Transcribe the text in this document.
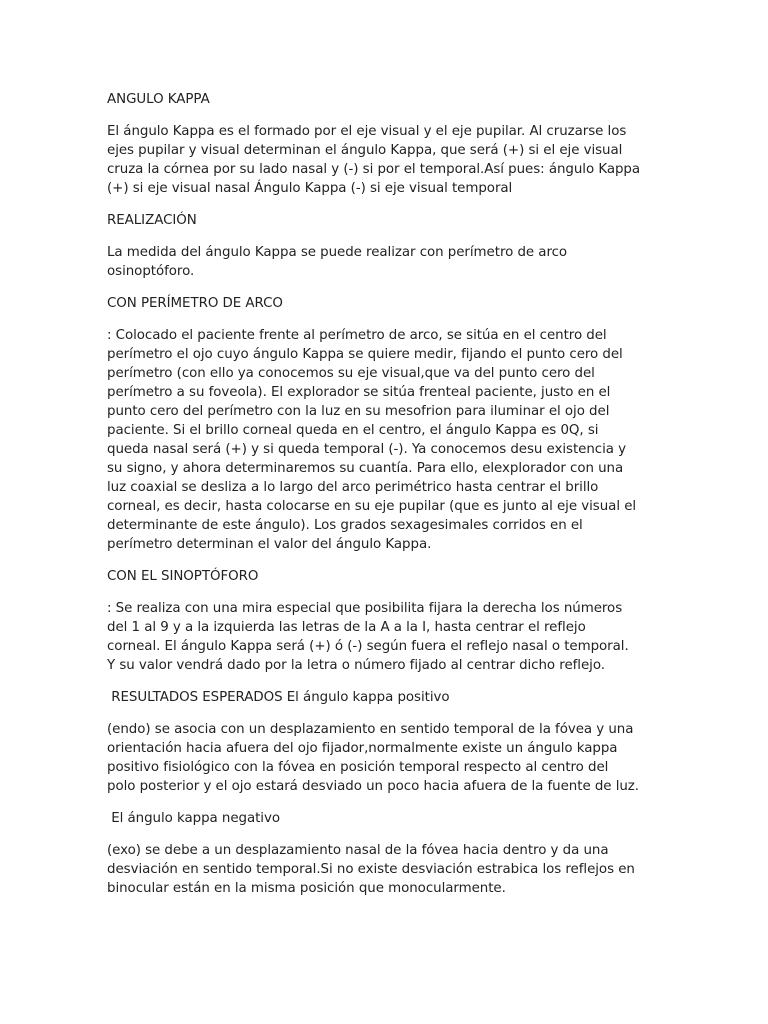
ANGULO KAPPA

El ángulo Kappa es el formado por el eje visual y el eje pupilar. Al cruzarse los
ejes pupilar y visual determinan el ángulo Kappa, que será (+) si el eje visual
cruza la córnea por su lado nasal y (-) si por el temporal.Así pues: ángulo Kappa
(+) si eje visual nasal Ángulo Kappa (-) si eje visual temporal

REALIZACIÓN

La medida del ángulo Kappa se puede realizar con perímetro de arco
osinoptóforo.

CON PERÍMETRO DE ARCO

: Colocado el paciente frente al perímetro de arco, se sitúa en el centro del
perímetro el ojo cuyo ángulo Kappa se quiere medir, fijando el punto cero del
perímetro (con ello ya conocemos su eje visual,que va del punto cero del
perímetro a su foveola). El explorador se sitúa frenteal paciente, justo en el
punto cero del perímetro con la luz en su mesofrion para iluminar el ojo del
paciente. Si el brillo corneal queda en el centro, el ángulo Kappa es 0Q, si
queda nasal será (+) y si queda temporal (-). Ya conocemos desu existencia y
su signo, y ahora determinaremos su cuantía. Para ello, elexplorador con una
luz coaxial se desliza a lo largo del arco perimétrico hasta centrar el brillo
corneal, es decir, hasta colocarse en su eje pupilar (que es junto al eje visual el
determinante de este ángulo). Los grados sexagesimales corridos en el
perímetro determinan el valor del ángulo Kappa.

CON EL SINOPTÓFORO

: Se realiza con una mira especial que posibilita fijara la derecha los números
del 1 al 9 y a la izquierda las letras de la A a la I, hasta centrar el reflejo
corneal. El ángulo Kappa será (+) ó (-) según fuera el reflejo nasal o temporal.
Y su valor vendrá dado por la letra o número fijado al centrar dicho reflejo.

RESULTADOS ESPERADOS El ángulo kappa positivo

(endo) se asocia con un desplazamiento en sentido temporal de la fóvea y una
orientación hacia afuera del ojo fijador,normalmente existe un ángulo kappa
positivo fisiológico con la fóvea en posición temporal respecto al centro del
polo posterior y el ojo estará desviado un poco hacia afuera de la fuente de luz.

El ángulo kappa negativo

(exo) se debe a un desplazamiento nasal de la fóvea hacia dentro y da una
desviación en sentido temporal.Si no existe desviación estrabica los reflejos en
binocular están en la misma posición que monocularmente.
